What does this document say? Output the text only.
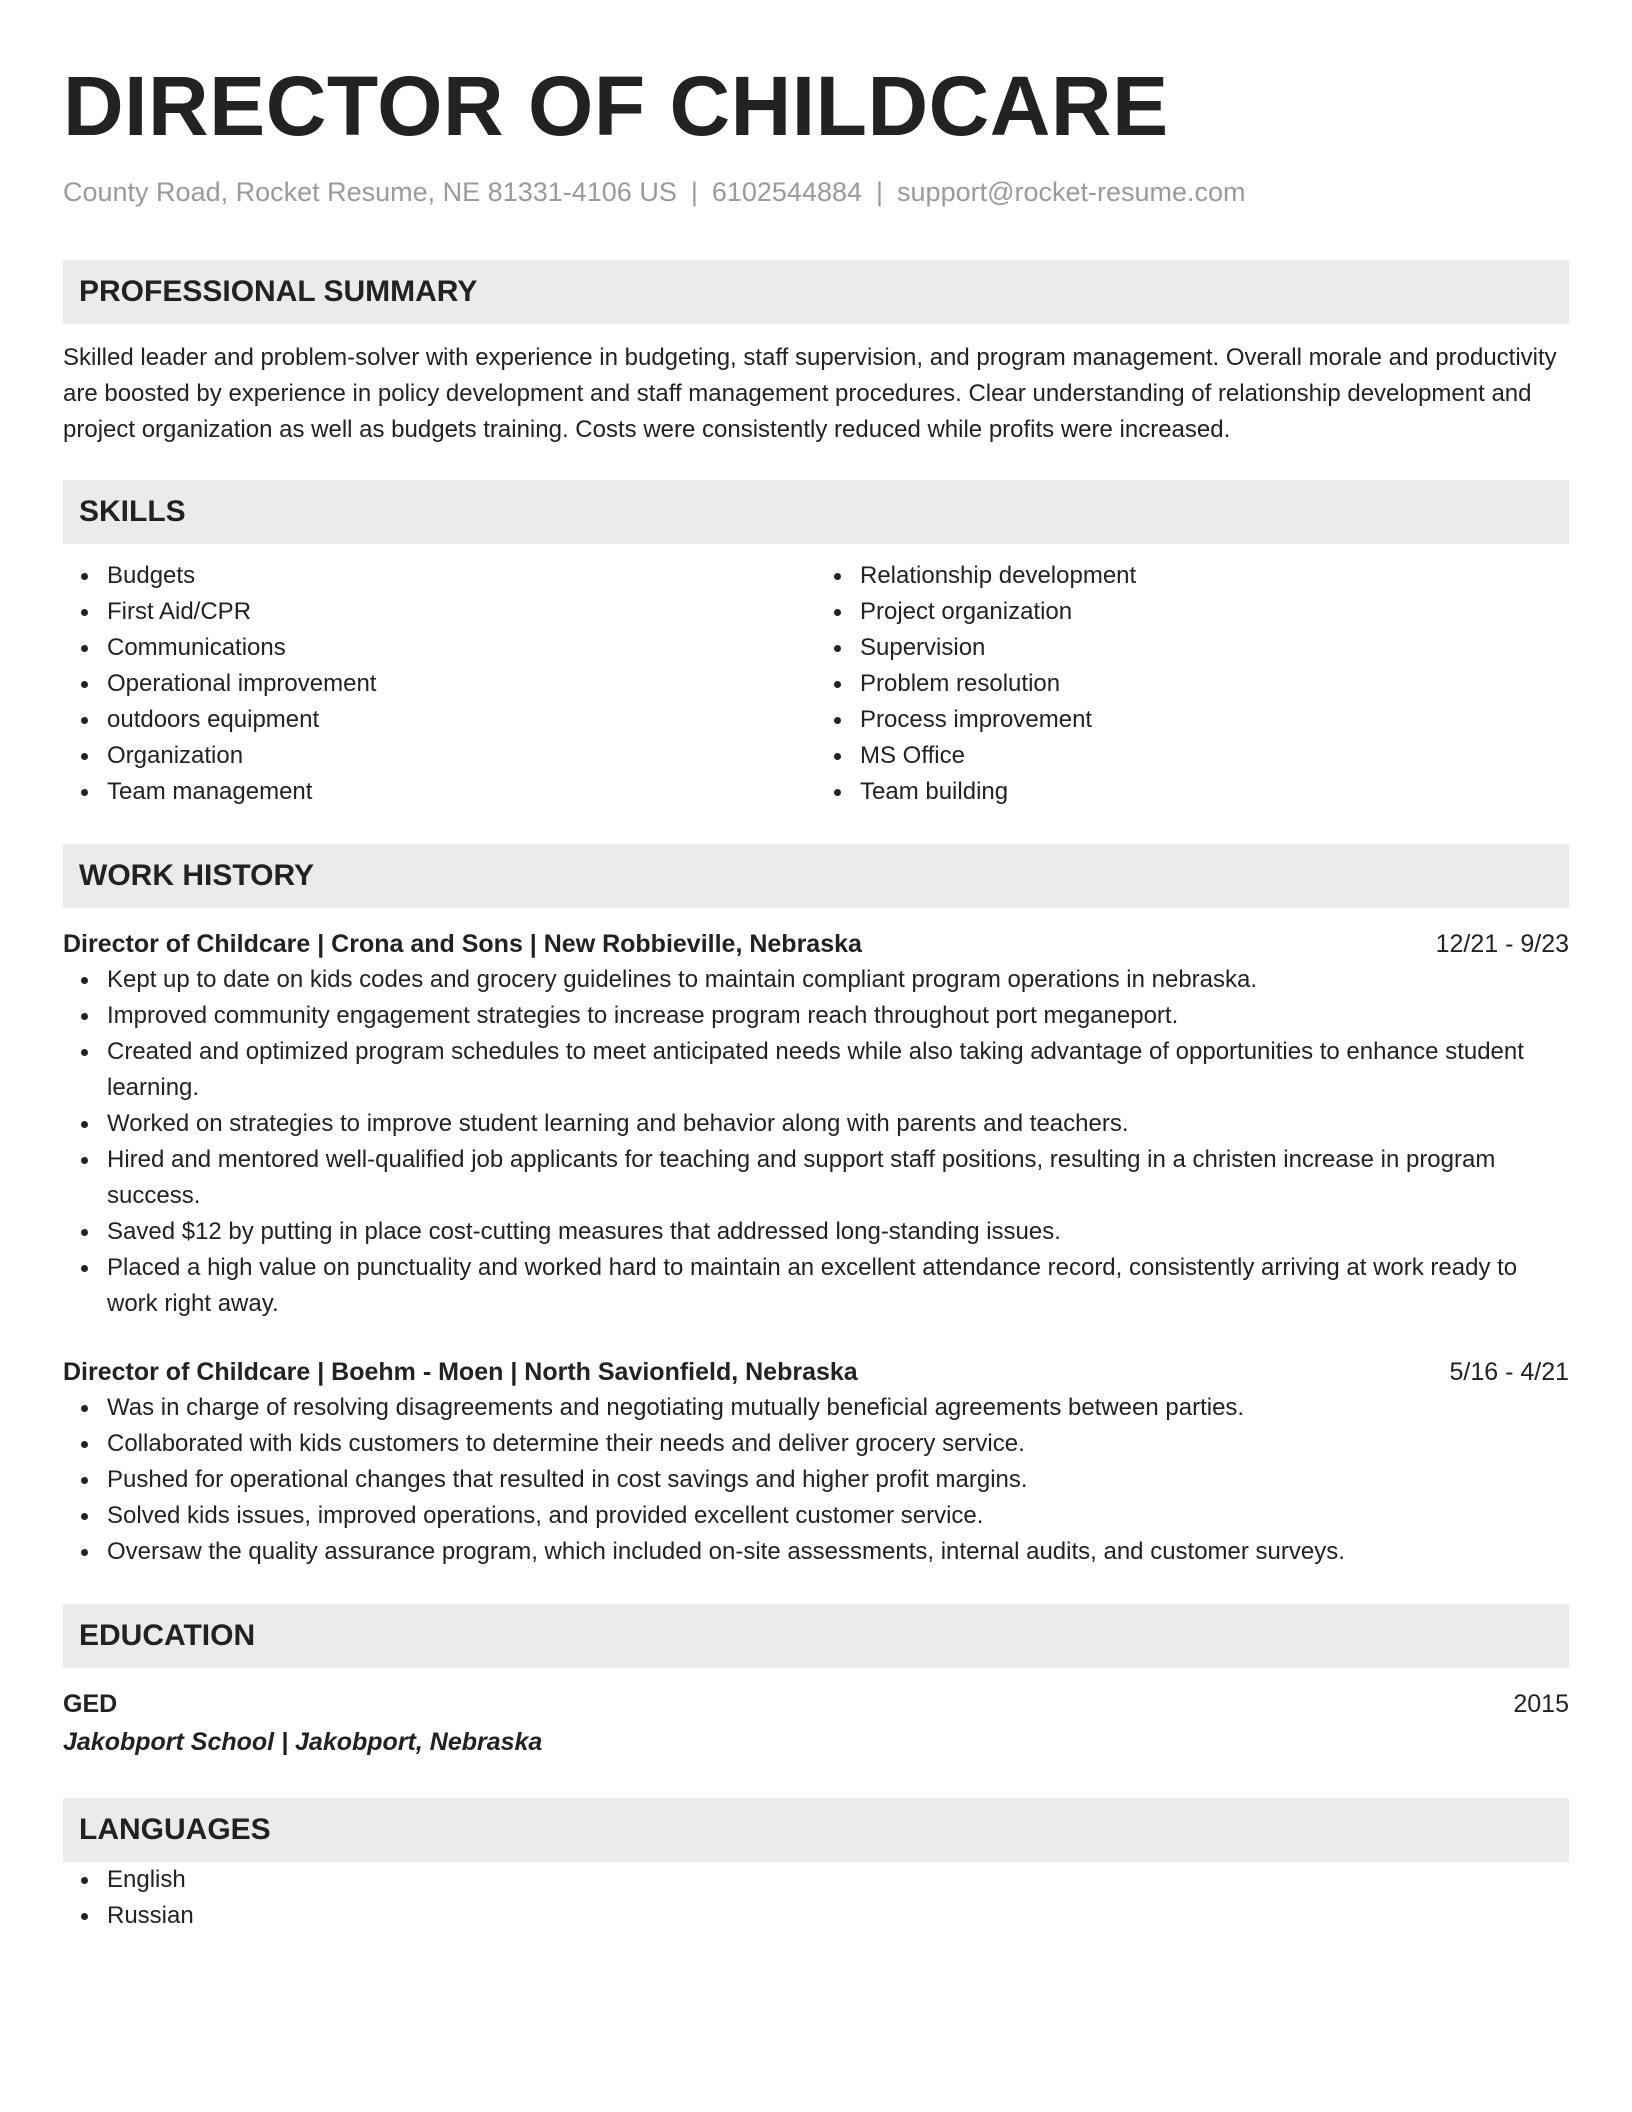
DIRECTOR OF CHILDCARE
County Road, Rocket Resume, NE 81331-4106 US | 6102544884 | support@rocket-resume.com
PROFESSIONAL SUMMARY

Skilled leader and problem-solver with experience in budgeting, staff supervision, and program management. Overall morale and productivity are boosted by experience in policy development and staff management procedures. Clear understanding of relationship development and project organization as well as budgets training. Costs were consistently reduced while profits were increased.

SKILLS
Budgets
First Aid/CPR
Communications
Operational improvement
outdoors equipment
Organization
Team management
Relationship development
Project organization
Supervision
Problem resolution
Process improvement
MS Office
Team building
WORK HISTORY
Director of Childcare | Crona and Sons | New Robbieville, Nebraska	12/21 - 9/23
Kept up to date on kids codes and grocery guidelines to maintain compliant program operations in nebraska.
Improved community engagement strategies to increase program reach throughout port meganeport.
Created and optimized program schedules to meet anticipated needs while also taking advantage of opportunities to enhance student learning.
Worked on strategies to improve student learning and behavior along with parents and teachers.
Hired and mentored well-qualified job applicants for teaching and support staff positions, resulting in a christen increase in program success.
Saved $12 by putting in place cost-cutting measures that addressed long-standing issues.
Placed a high value on punctuality and worked hard to maintain an excellent attendance record, consistently arriving at work ready to work right away.
Director of Childcare | Boehm - Moen | North Savionfield, Nebraska	5/16 - 4/21
Was in charge of resolving disagreements and negotiating mutually beneficial agreements between parties.
Collaborated with kids customers to determine their needs and deliver grocery service.
Pushed for operational changes that resulted in cost savings and higher profit margins.
Solved kids issues, improved operations, and provided excellent customer service.
Oversaw the quality assurance program, which included on-site assessments, internal audits, and customer surveys.
EDUCATION
GED	2015
Jakobport School | Jakobport, Nebraska
LANGUAGES
English
Russian
